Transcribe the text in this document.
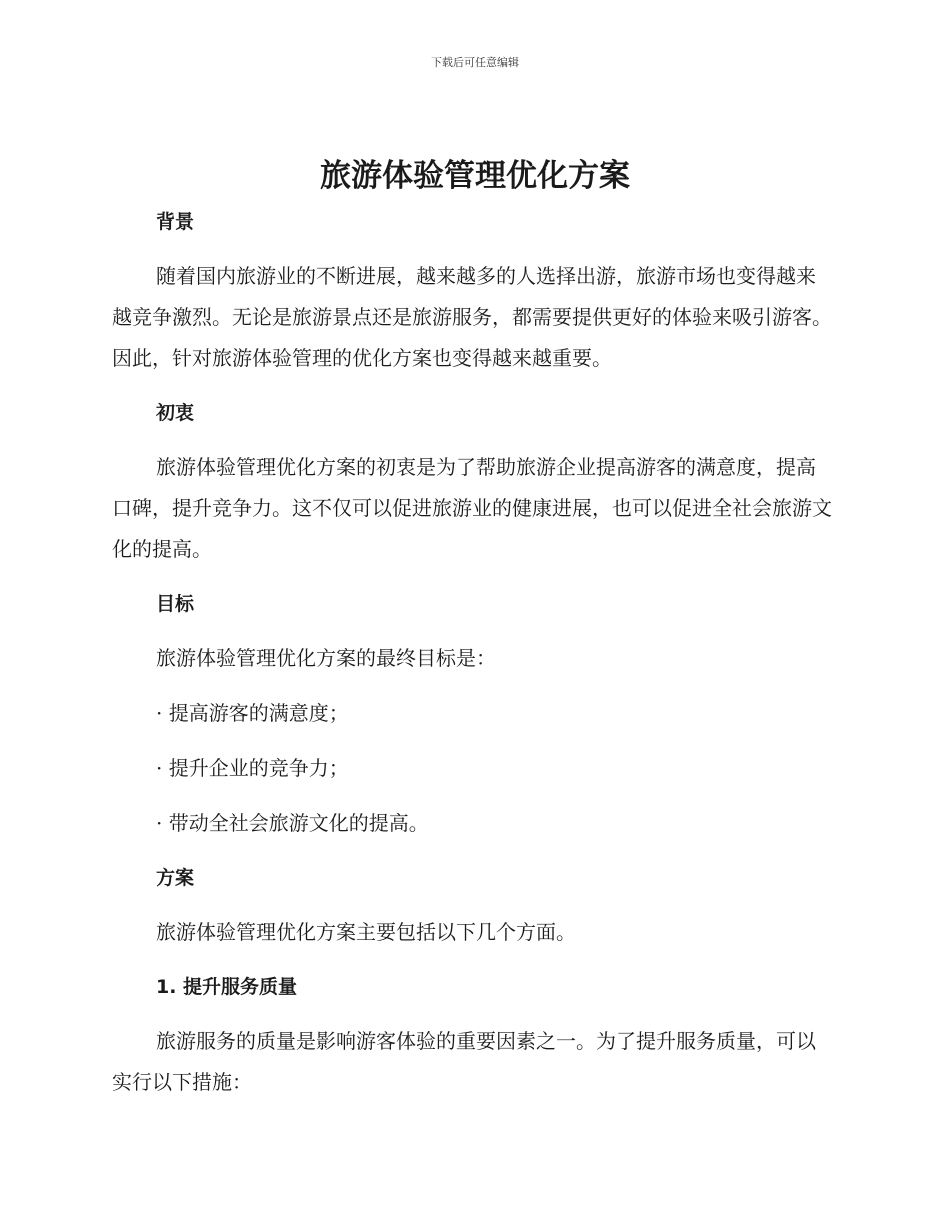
下载后可任意编辑
旅游体验管理优化方案
背景

随着国内旅游业的不断进展，越来越多的人选择出游，旅游市场也变得越来越竞争激烈。无论是旅游景点还是旅游服务，都需要提供更好的体验来吸引游客。因此，针对旅游体验管理的优化方案也变得越来越重要。

初衷

旅游体验管理优化方案的初衷是为了帮助旅游企业提高游客的满意度，提高口碑，提升竞争力。这不仅可以促进旅游业的健康进展，也可以促进全社会旅游文化的提高。

目标

旅游体验管理优化方案的最终目标是：

· 提高游客的满意度；

· 提升企业的竞争力；

· 带动全社会旅游文化的提高。

方案

旅游体验管理优化方案主要包括以下几个方面。

1. 提升服务质量

旅游服务的质量是影响游客体验的重要因素之一。为了提升服务质量，可以实行以下措施：
